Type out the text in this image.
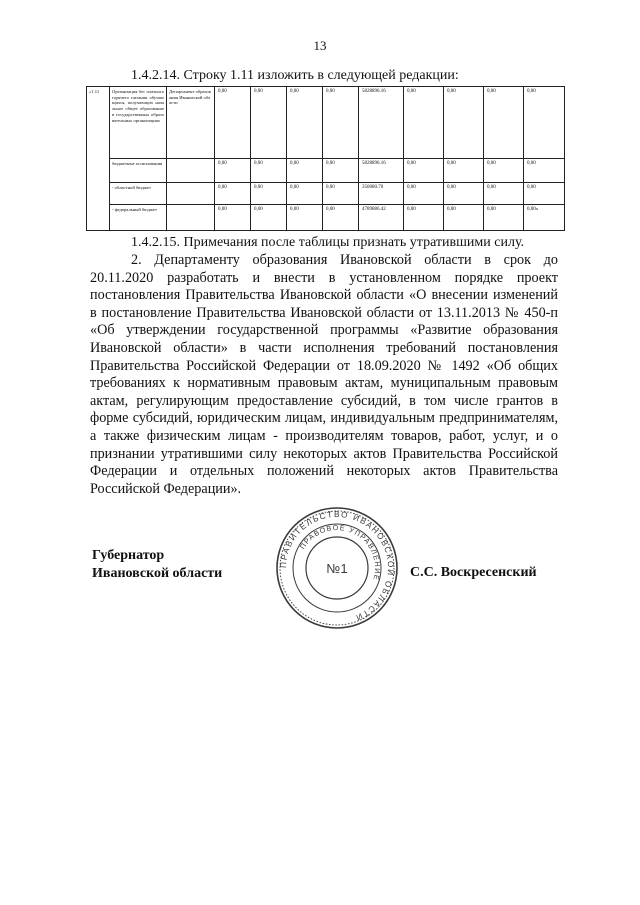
13
1.4.2.14. Строку 1.11 изложить в следующей редакции:
«1.11	Организация бес платного горячего питания обучающихся, получающих начальное общее образование в государственных образовательных организациях	Департамент образования Ивановской области	0,00	0,00	0,00	0,00	5828896.16	0,00	0,00	0,00	0,00
	бюджетные ассигнования		0,00	0,00	0,00	0,00	5828896.16	0,00	0,00	0,00	0,00
	- областной бюджет		0,00	0,00	0,00	0,00	350080.70	0,00	0,00	0,00	0,00
	- федеральный бюджет		0,00	0,00	0,00	0,00	4789886.42	0,00	0,00	0,00	0,00»
1.4.2.15. Примечания после таблицы признать утратившими силу.
2. Департаменту образования Ивановской области в срок до 20.11.2020 разработать и внести в установленном порядке проект постановления Правительства Ивановской области «О внесении изменений в постановление Правительства Ивановской области от 13.11.2013 № 450-п «Об утверждении государственной программы «Развитие образования Ивановской области» в части исполнения требований постановления Правительства Российской Федерации от 18.09.2020 № 1492 «Об общих требованиях к нормативным правовым актам, муниципальным правовым актам, регулирующим предоставление субсидий, в том числе грантов в форме субсидий, юридическим лицам, индивидуальным предпринимателям, а также физическим лицам - производителям товаров, работ, услуг, и о признании утратившими силу некоторых актов Правительства Российской Федерации и отдельных положений некоторых актов Правительства Российской Федерации».
Губернатор
Ивановской области	С.С. Воскресенский
ПРАВИТЕЛЬСТВО ИВАНОВСКОЙ ОБЛАСТИ
ПРАВОВОЕ УПРАВЛЕНИЕ
№1
